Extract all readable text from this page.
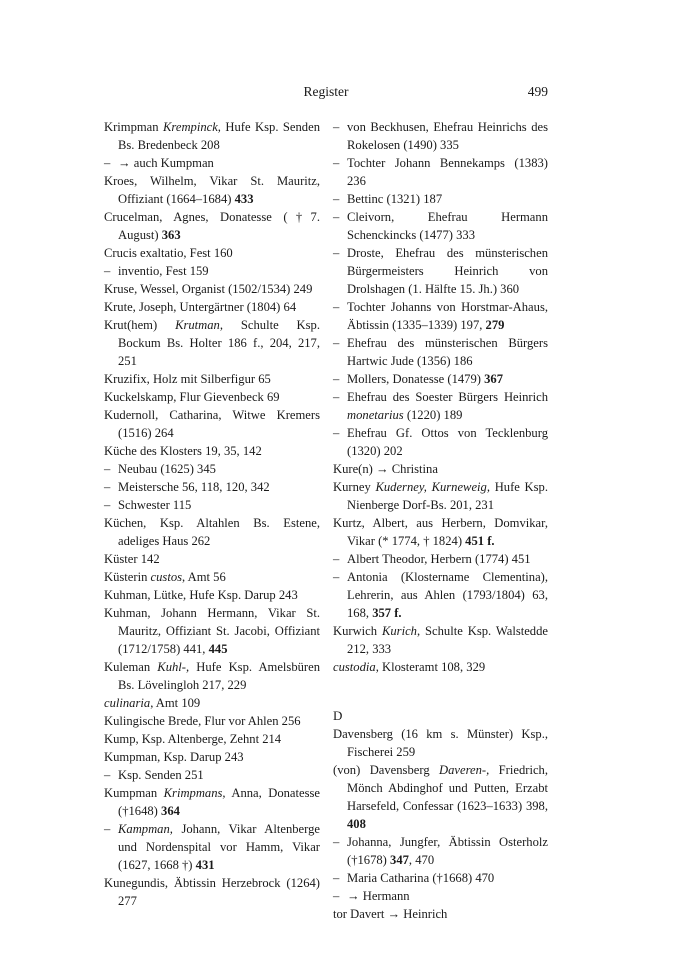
Register	499

Krimpman Krempinck, Hufe Ksp. Senden Bs. Bredenbeck 208

– → auch Kumpman

Kroes, Wilhelm, Vikar St. Mauritz, Offiziant (1664–1684) 433

Crucelman, Agnes, Donatesse (†7. August) 363

Crucis exaltatio, Fest 160

– inventio, Fest 159

Kruse, Wessel, Organist (1502/1534) 249

Krute, Joseph, Untergärtner (1804) 64

Krut(hem) Krutman, Schulte Ksp. Bockum Bs. Holter 186 f., 204, 217, 251

Kruzifix, Holz mit Silberfigur 65

Kuckelskamp, Flur Gievenbeck 69

Kudernoll, Catharina, Witwe Kremers (1516) 264

Küche des Klosters 19, 35, 142

– Neubau (1625) 345

– Meistersche 56, 118, 120, 342

– Schwester 115

Küchen, Ksp. Altahlen Bs. Estene, adeliges Haus 262

Küster 142

Küsterin custos, Amt 56

Kuhman, Lütke, Hufe Ksp. Darup 243

Kuhman, Johann Hermann, Vikar St. Mauritz, Offiziant St. Jacobi, Offiziant (1712/1758) 441, 445

Kuleman Kuhl-, Hufe Ksp. Amelsbüren Bs. Lövelingloh 217, 229

culinaria, Amt 109

Kulingische Brede, Flur vor Ahlen 256

Kump, Ksp. Altenberge, Zehnt 214

Kumpman, Ksp. Darup 243

– Ksp. Senden 251

Kumpman Krimpmans, Anna, Donatesse (†1648) 364

– Kampman, Johann, Vikar Altenberge und Nordenspital vor Hamm, Vikar (1627, 1668 †) 431

Kunegundis, Äbtissin Herzebrock (1264) 277

– von Beckhusen, Ehefrau Heinrichs des Rokelosen (1490) 335

– Tochter Johann Bennekamps (1383) 236

– Bettinc (1321) 187

– Cleivorn, Ehefrau Hermann Schenckincks (1477) 333

– Droste, Ehefrau des münsterischen Bürgermeisters Heinrich von Drolshagen (1. Hälfte 15. Jh.) 360

– Tochter Johanns von Horstmar-Ahaus, Äbtissin (1335–1339) 197, 279

– Ehefrau des münsterischen Bürgers Hartwic Jude (1356) 186

– Mollers, Donatesse (1479) 367

– Ehefrau des Soester Bürgers Heinrich monetarius (1220) 189

– Ehefrau Gf. Ottos von Tecklenburg (1320) 202

Kure(n) → Christina

Kurney Kuderney, Kurneweig, Hufe Ksp. Nienberge Dorf-Bs. 201, 231

Kurtz, Albert, aus Herbern, Domvikar, Vikar (* 1774, † 1824) 451 f.

– Albert Theodor, Herbern (1774) 451

– Antonia (Klostername Clementina), Lehrerin, aus Ahlen (1793/1804) 63, 168, 357 f.

Kurwich Kurich, Schulte Ksp. Walstedde 212, 333

custodia, Klosteramt 108, 329

D

Davensberg (16 km s. Münster) Ksp., Fischerei 259

(von) Davensberg Daveren-, Friedrich, Mönch Abdinghof und Putten, Erzabt Harsefeld, Confessar (1623–1633) 398, 408

– Johanna, Jungfer, Äbtissin Osterholz (†1678) 347, 470

– Maria Catharina (†1668) 470

– → Hermann

tor Davert → Heinrich
